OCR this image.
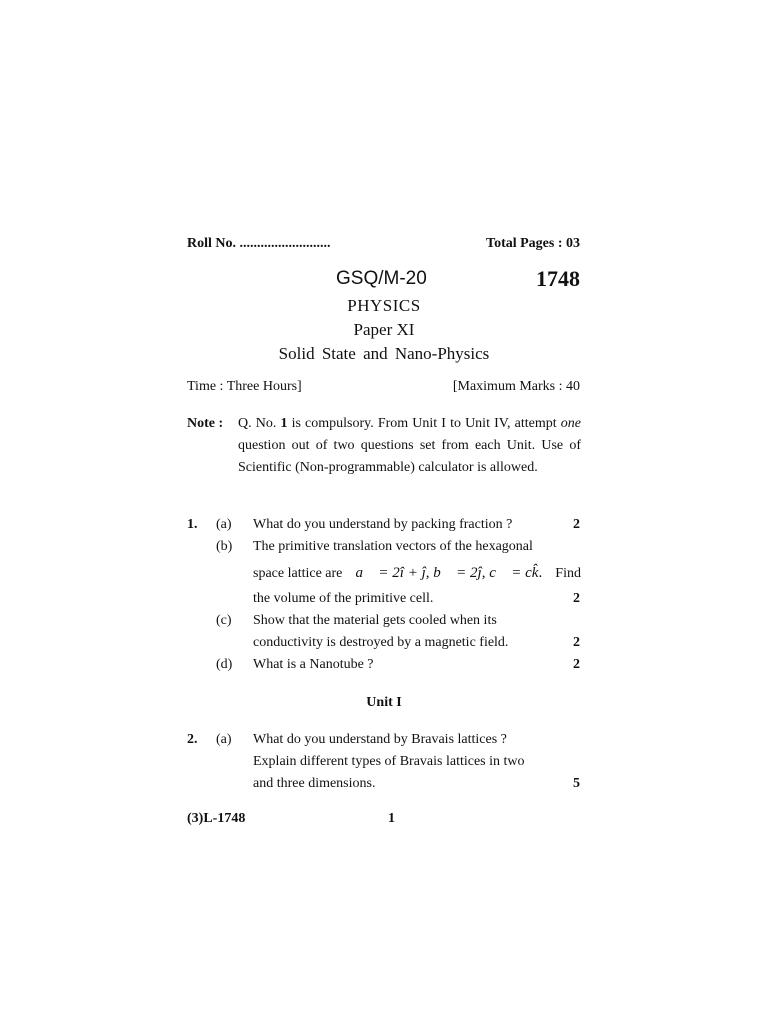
Roll No. ..........................	Total Pages : 03
GSQ/M-20	1748
PHYSICS
Paper XI
Solid State and Nano-Physics
Time : Three Hours]	[Maximum Marks : 40
Note : Q. No. 1 is compulsory. From Unit I to Unit IV, attempt one question out of two questions set from each Unit. Use of Scientific (Non-programmable) calculator is allowed.
1. (a) What do you understand by packing fraction ?	2
(b) The primitive translation vectors of the hexagonal
space lattice are a⃗ = 2î + ĵ, b⃗ = 2ĵ, c⃗ = ck̂. Find
the volume of the primitive cell.	2
(c) Show that the material gets cooled when its
conductivity is destroyed by a magnetic field.	2
(d) What is a Nanotube ?	2
Unit I
2. (a) What do you understand by Bravais lattices ?
Explain different types of Bravais lattices in two
and three dimensions.	5
(3)L-1748	1
